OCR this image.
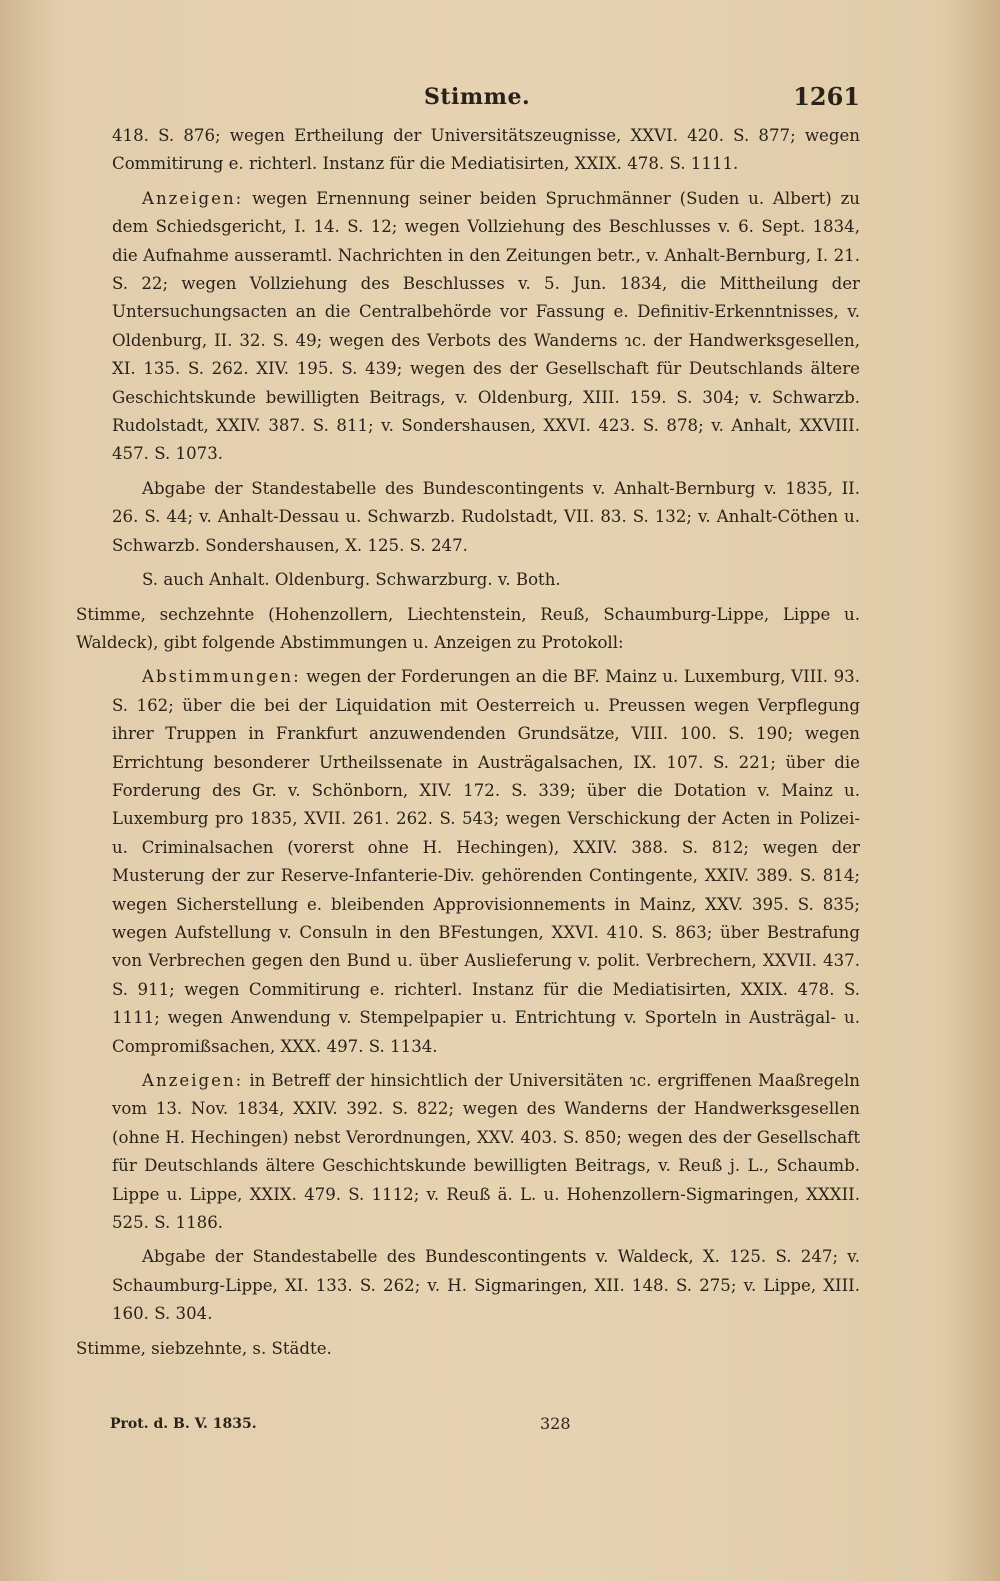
Stimme.	1261

418. S. 876; wegen Ertheilung der Universitätszeugnisse, XXVI. 420. S. 877; wegen Commitirung e. richterl. Instanz für die Mediatisirten, XXIX. 478. S. 1111.

Anzeigen: wegen Ernennung seiner beiden Spruchmänner (Suden u. Albert) zu dem Schiedsgericht, I. 14. S. 12; wegen Vollziehung des Beschlusses v. 6. Sept. 1834, die Aufnahme ausseramtl. Nachrichten in den Zeitungen betr., v. Anhalt-Bernburg, I. 21. S. 22; wegen Vollziehung des Beschlusses v. 5. Jun. 1834, die Mittheilung der Untersuchungsacten an die Centralbehörde vor Fassung e. Definitiv-Erkenntnisses, v. Oldenburg, II. 32. S. 49; wegen des Verbots des Wanderns ɿc. der Handwerksgesellen, XI. 135. S. 262. XIV. 195. S. 439; wegen des der Gesellschaft für Deutschlands ältere Geschichtskunde bewilligten Beitrags, v. Oldenburg, XIII. 159. S. 304; v. Schwarzb. Rudolstadt, XXIV. 387. S. 811; v. Sondershausen, XXVI. 423. S. 878; v. Anhalt, XXVIII. 457. S. 1073.

Abgabe der Standestabelle des Bundescontingents v. Anhalt-Bernburg v. 1835, II. 26. S. 44; v. Anhalt-Dessau u. Schwarzb. Rudolstadt, VII. 83. S. 132; v. Anhalt-Cöthen u. Schwarzb. Sondershausen, X. 125. S. 247.

S. auch Anhalt. Oldenburg. Schwarzburg. v. Both.

Stimme, sechzehnte (Hohenzollern, Liechtenstein, Reuß, Schaumburg-Lippe, Lippe u. Waldeck), gibt folgende Abstimmungen u. Anzeigen zu Protokoll:

Abstimmungen: wegen der Forderungen an die BF. Mainz u. Luxemburg, VIII. 93. S. 162; über die bei der Liquidation mit Oesterreich u. Preussen wegen Verpflegung ihrer Truppen in Frankfurt anzuwendenden Grundsätze, VIII. 100. S. 190; wegen Errichtung besonderer Urtheilssenate in Austrägalsachen, IX. 107. S. 221; über die Forderung des Gr. v. Schönborn, XIV. 172. S. 339; über die Dotation v. Mainz u. Luxemburg pro 1835, XVII. 261. 262. S. 543; wegen Verschickung der Acten in Polizei- u. Criminalsachen (vorerst ohne H. Hechingen), XXIV. 388. S. 812; wegen der Musterung der zur Reserve-Infanterie-Div. gehörenden Contingente, XXIV. 389. S. 814; wegen Sicherstellung e. bleibenden Approvisionnements in Mainz, XXV. 395. S. 835; wegen Aufstellung v. Consuln in den BFestungen, XXVI. 410. S. 863; über Bestrafung von Verbrechen gegen den Bund u. über Auslieferung v. polit. Verbrechern, XXVII. 437. S. 911; wegen Commitirung e. richterl. Instanz für die Mediatisirten, XXIX. 478. S. 1111; wegen Anwendung v. Stempelpapier u. Entrichtung v. Sporteln in Austrägal- u. Compromißsachen, XXX. 497. S. 1134.

Anzeigen: in Betreff der hinsichtlich der Universitäten ɿc. ergriffenen Maaßregeln vom 13. Nov. 1834, XXIV. 392. S. 822; wegen des Wanderns der Handwerksgesellen (ohne H. Hechingen) nebst Verordnungen, XXV. 403. S. 850; wegen des der Gesellschaft für Deutschlands ältere Geschichtskunde bewilligten Beitrags, v. Reuß j. L., Schaumb. Lippe u. Lippe, XXIX. 479. S. 1112; v. Reuß ä. L. u. Hohenzollern-Sigmaringen, XXXII. 525. S. 1186.

Abgabe der Standestabelle des Bundescontingents v. Waldeck, X. 125. S. 247; v. Schaumburg-Lippe, XI. 133. S. 262; v. H. Sigmaringen, XII. 148. S. 275; v. Lippe, XIII. 160. S. 304.

Stimme, siebzehnte, s. Städte.

Prot. d. B. V. 1835.	328
